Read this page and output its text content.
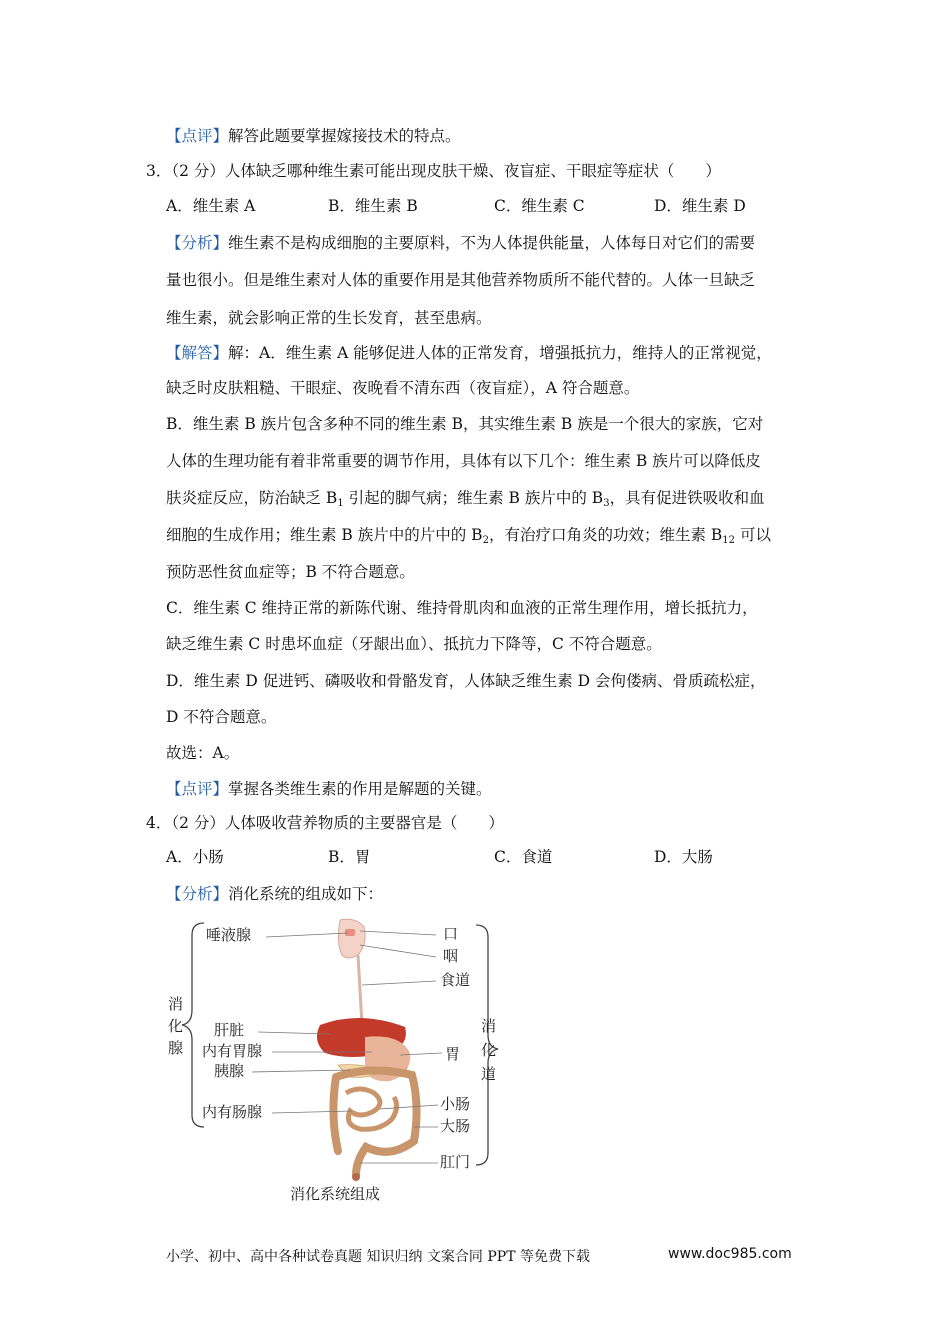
【点评】解答此题要掌握嫁接技术的特点。
3．（2 分）人体缺乏哪种维生素可能出现皮肤干燥、夜盲症、干眼症等症状（　　）
A．维生素 A	B．维生素 B	C．维生素 C	D．维生素 D
【分析】维生素不是构成细胞的主要原料，不为人体提供能量，人体每日对它们的需要
量也很小。但是维生素对人体的重要作用是其他营养物质所不能代替的。人体一旦缺乏
维生素，就会影响正常的生长发育，甚至患病。
【解答】解：A．维生素 A 能够促进人体的正常发育，增强抵抗力，维持人的正常视觉，
缺乏时皮肤粗糙、干眼症、夜晚看不清东西（夜盲症），A 符合题意。
B．维生素 B 族片包含多种不同的维生素 B，其实维生素 B 族是一个很大的家族，它对
人体的生理功能有着非常重要的调节作用，具体有以下几个：维生素 B 族片可以降低皮
肤炎症反应，防治缺乏 $B_1$ 引起的脚气病；维生素 B 族片中的 $B_3$，具有促进铁吸收和血
细胞的生成作用；维生素 B 族片中的片中的 $B_2$，有治疗口角炎的功效；维生素 $B_{12}$ 可以
预防恶性贫血症等；B 不符合题意。
C．维生素 C 维持正常的新陈代谢、维持骨肌肉和血液的正常生理作用，增长抵抗力，
缺乏维生素 C 时患坏血症（牙龈出血）、抵抗力下降等，C 不符合题意。
D．维生素 D 促进钙、磷吸收和骨骼发育，人体缺乏维生素 D 会佝偻病、骨质疏松症，
D 不符合题意。
故选：A。
【点评】掌握各类维生素的作用是解题的关键。
4．（2 分）人体吸收营养物质的主要器官是（　　）
A．小肠	B．胃	C．食道	D．大肠
【分析】消化系统的组成如下：
唾液腺
肝脏
内有胃腺
胰腺
内有肠腺
消
化
腺
口
咽
食道
胃
小肠
大肠
肛门
消
化
道
消化系统组成
小学、初中、高中各种试卷真题 知识归纳 文案合同 PPT 等免费下载	www.doc985.com
